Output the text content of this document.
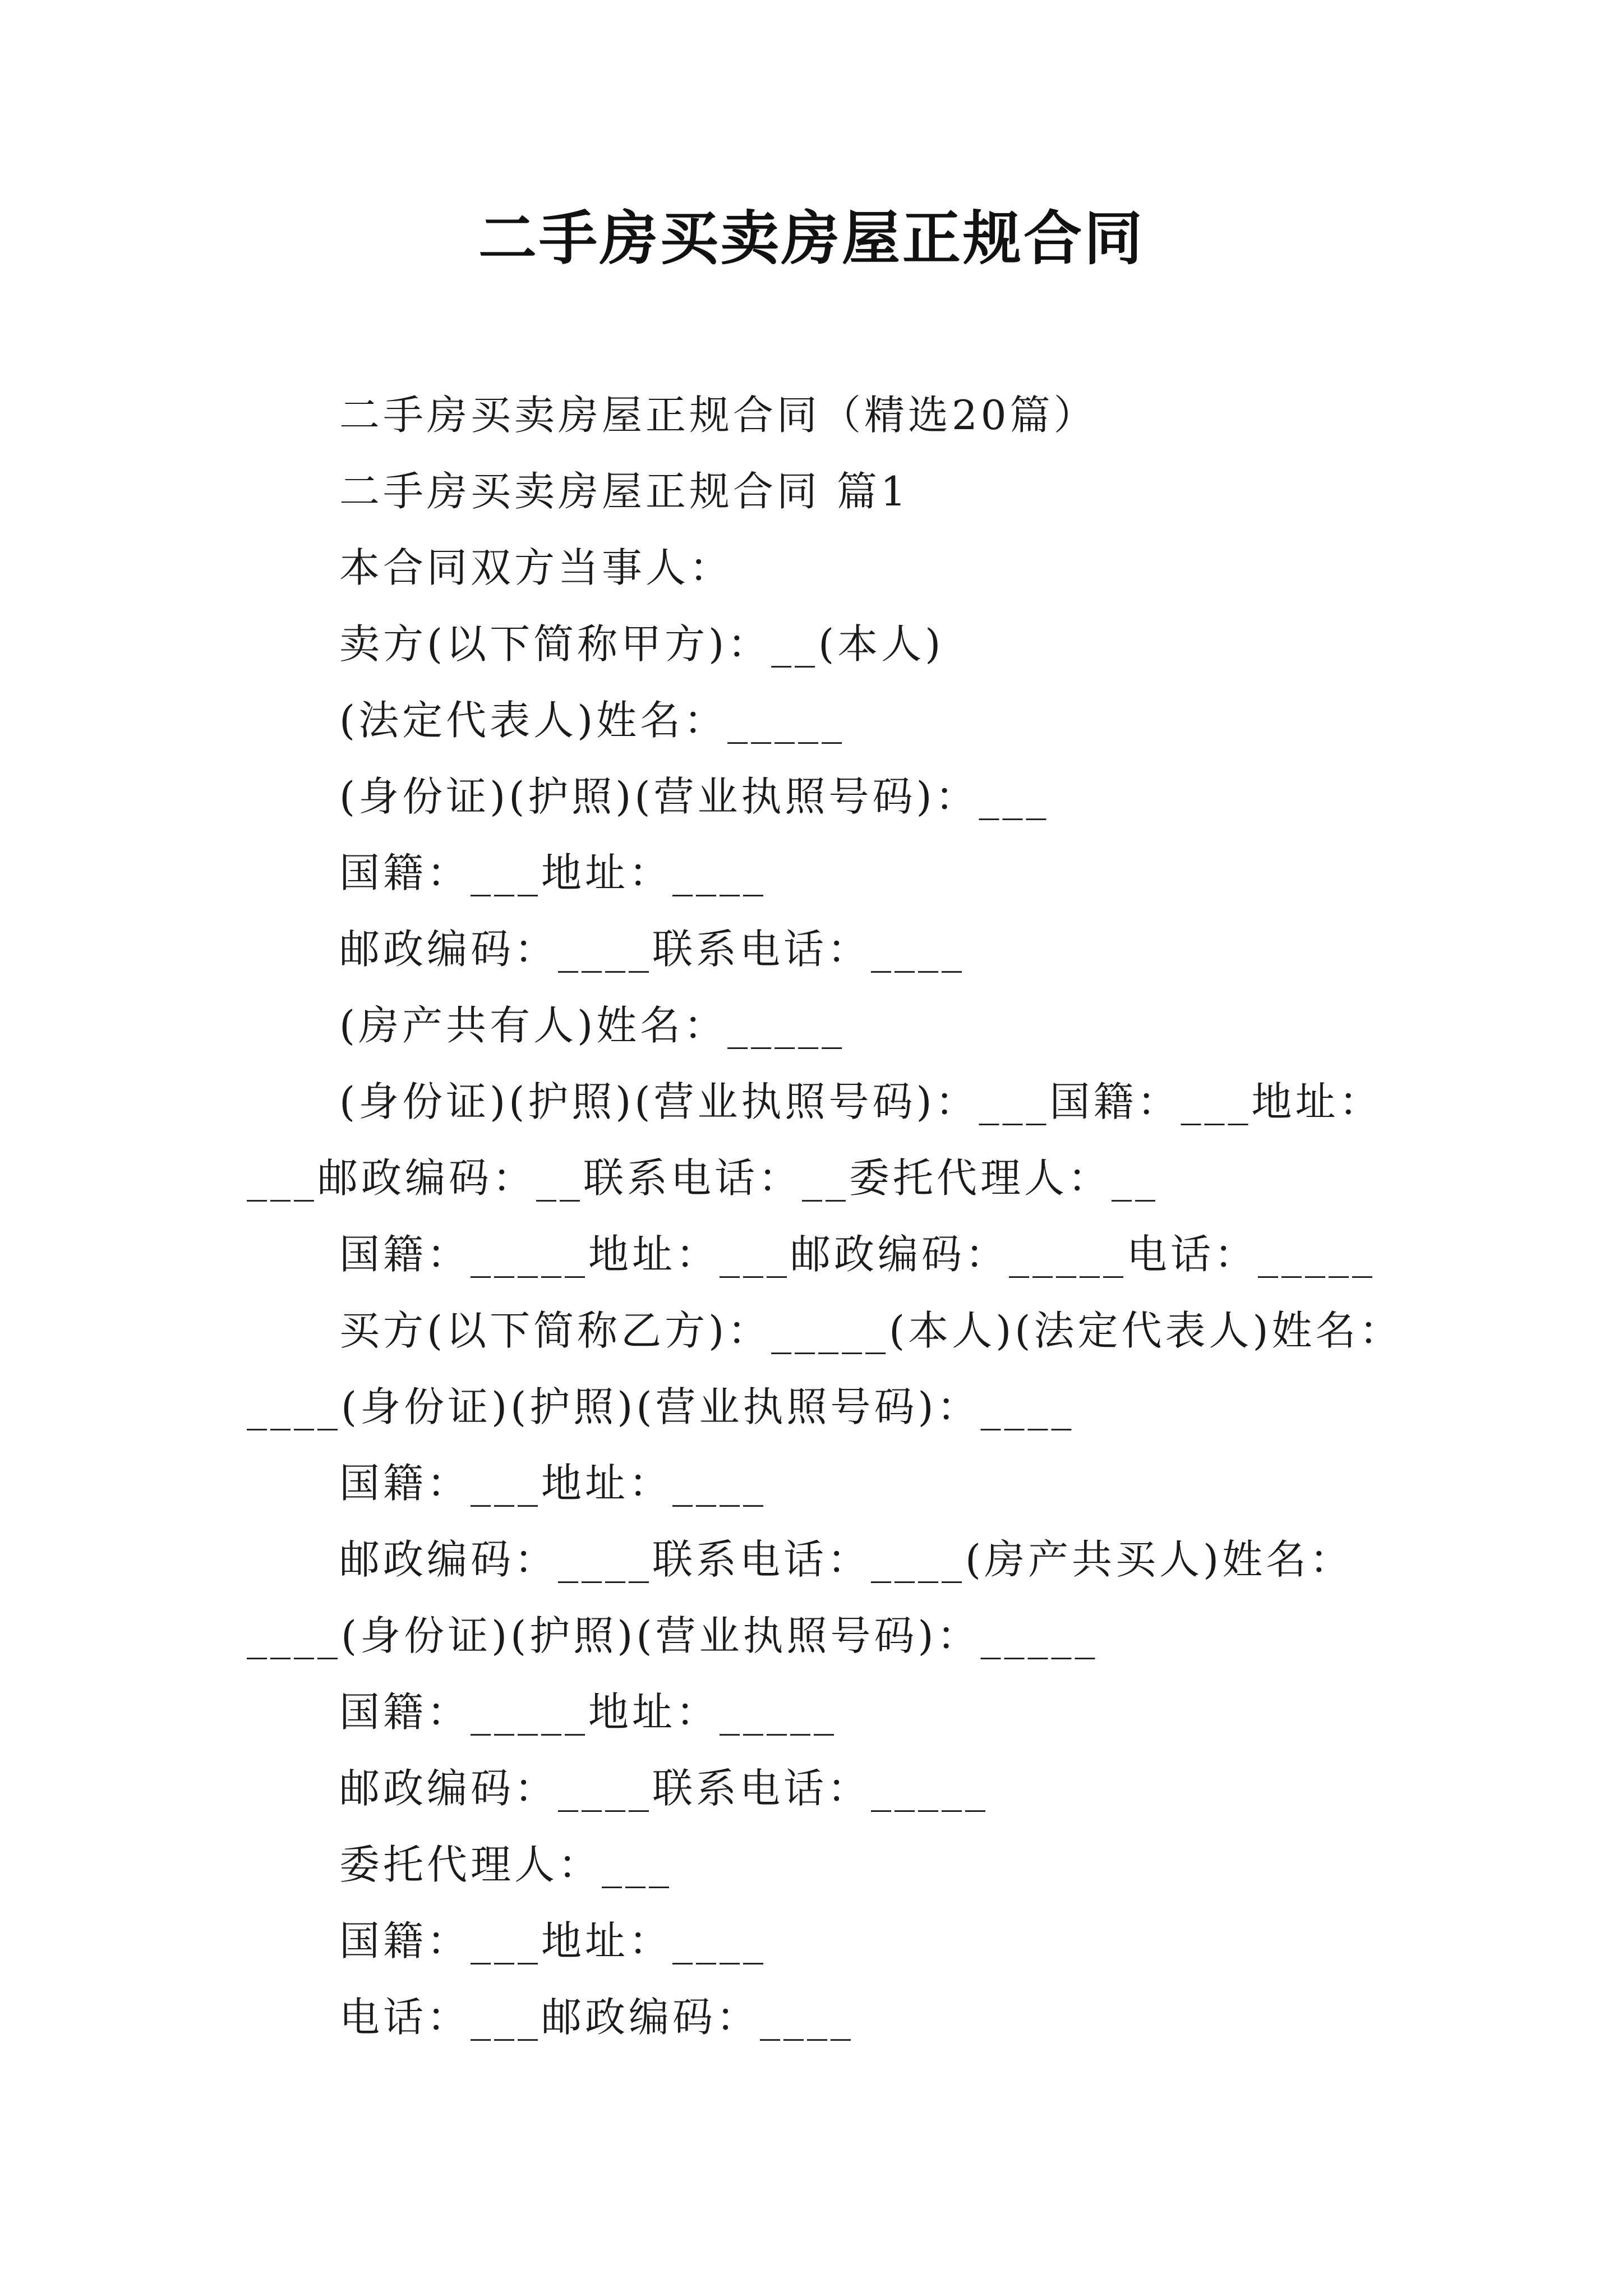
二手房买卖房屋正规合同
二手房买卖房屋正规合同（精选20篇）
二手房买卖房屋正规合同 篇1
本合同双方当事人：
卖方(以下简称甲方)：__(本人)
(法定代表人)姓名：_____
(身份证)(护照)(营业执照号码)：___
国籍：___地址：____
邮政编码：____联系电话：____
(房产共有人)姓名：_____
(身份证)(护照)(营业执照号码)：___国籍：___地址：
___邮政编码：__联系电话：__委托代理人：__
国籍：_____地址：___邮政编码：_____电话：_____
买方(以下简称乙方)：_____(本人)(法定代表人)姓名：
____(身份证)(护照)(营业执照号码)：____
国籍：___地址：____
邮政编码：____联系电话：____(房产共买人)姓名：
____(身份证)(护照)(营业执照号码)：_____
国籍：_____地址：_____
邮政编码：____联系电话：_____
委托代理人：___
国籍：___地址：____
电话：___邮政编码：____
